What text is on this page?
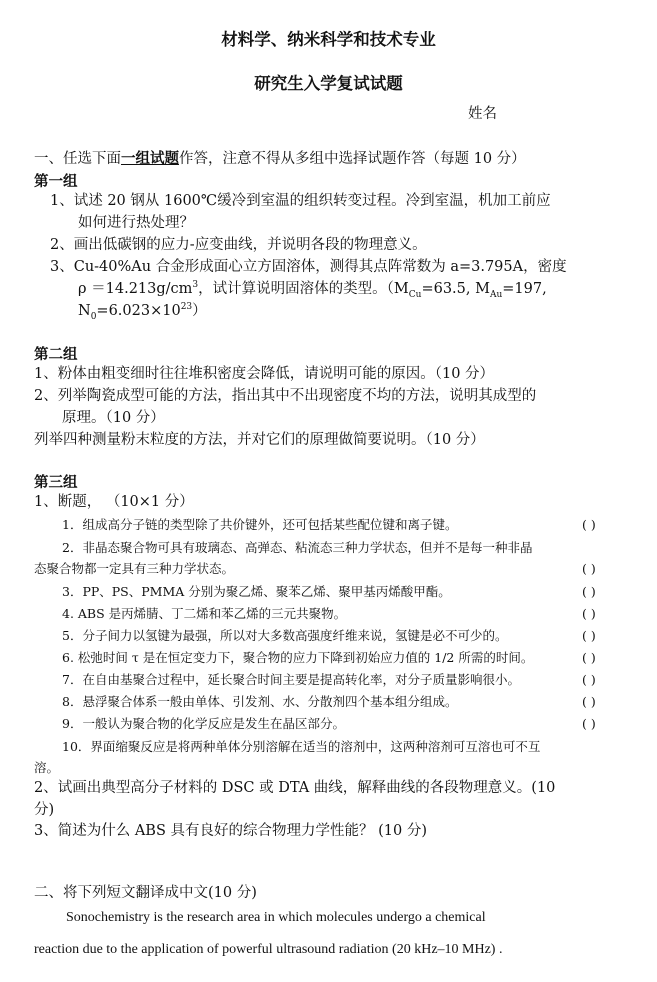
材料学、纳米科学和技术专业
研究生入学复试试题
姓名
一、任选下面一组试题作答，注意不得从多组中选择试题作答（每题 10 分）
第一组
1、试述 20 钢从 1600℃缓冷到室温的组织转变过程。冷到室温，机加工前应
如何进行热处理？
2、画出低碳钢的应力-应变曲线，并说明各段的物理意义。
3、Cu-40%Au 合金形成面心立方固溶体，测得其点阵常数为 a=3.795A，密度
$\rho =14.213g/cm^3$，试计算说明固溶体的类型。（$M_{Cu}=63.5$, $M_{Au}=197$,
$N_0=6.023\times 10^{23}$）
第二组
1、粉体由粗变细时往往堆积密度会降低，请说明可能的原因。（10 分）
2、列举陶瓷成型可能的方法，指出其中不出现密度不均的方法，说明其成型的
原理。（10 分）
列举四种测量粉末粒度的方法，并对它们的原理做简要说明。（10 分）
第三组
1、断题， （10×1 分）
1．组成高分子链的类型除了共价键外，还可包括某些配位键和离子键。
2．非晶态聚合物可具有玻璃态、高弹态、粘流态三种力学状态，但并不是每一种非晶
态聚合物都一定具有三种力学状态。
3．PP、PS、PMMA 分别为聚乙烯、聚苯乙烯、聚甲基丙烯酸甲酯。
4. ABS 是丙烯腈、丁二烯和苯乙烯的三元共聚物。
5．分子间力以氢键为最强，所以对大多数高强度纤维来说，氢键是必不可少的。
6. 松弛时间 τ 是在恒定变力下，聚合物的应力下降到初始应力值的 1/2 所需的时间。
7．在自由基聚合过程中，延长聚合时间主要是提高转化率，对分子质量影响很小。
8．悬浮聚合体系一般由单体、引发剂、水、分散剂四个基本组分组成。
9．一般认为聚合物的化学反应是发生在晶区部分。
10．界面缩聚反应是将两种单体分别溶解在适当的溶剂中，这两种溶剂可互溶也可不互
溶。
( )
( )
( )
( )
( )
( )
( )
( )
( )
2、试画出典型高分子材料的 DSC 或 DTA 曲线，解释曲线的各段物理意义。(10
分)
3、简述为什么 ABS 具有良好的综合物理力学性能？ (10 分)
二、将下列短文翻译成中文(10 分)
Sonochemistry is the research area in which molecules undergo a chemical
reaction due to the application of powerful ultrasound radiation (20 kHz–10 MHz) .
